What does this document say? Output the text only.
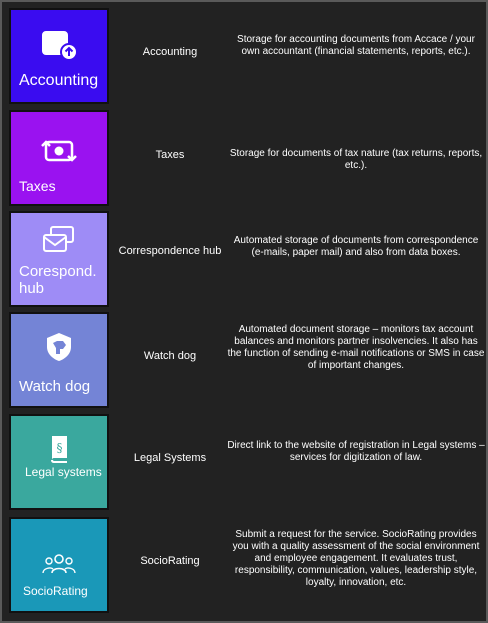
Accounting
Accounting
Storage for accounting documents from Accace / your own accountant (financial statements, reports, etc.).
Taxes
Taxes	Storage for documents of tax nature (tax returns, reports, etc.).
Corespond. hub
Correspondence hub
Automated storage of documents from correspondence (e-mails, paper mail) and also from data boxes.
Watch dog
Watch dog
Automated document storage – monitors tax account balances and monitors partner insolvencies. It also has the function of sending e-mail notifications or SMS in case of important changes.
§
Legal systems
Legal Systems
Direct link to the website of registration in Legal systems – services for digitization of law.
SocioRating
SocioRating
Submit a request for the service. SocioRating provides you with a quality assessment of the social environment and employee engagement. It evaluates trust, responsibility, communication, values, leadership style, loyalty, innovation, etc.
